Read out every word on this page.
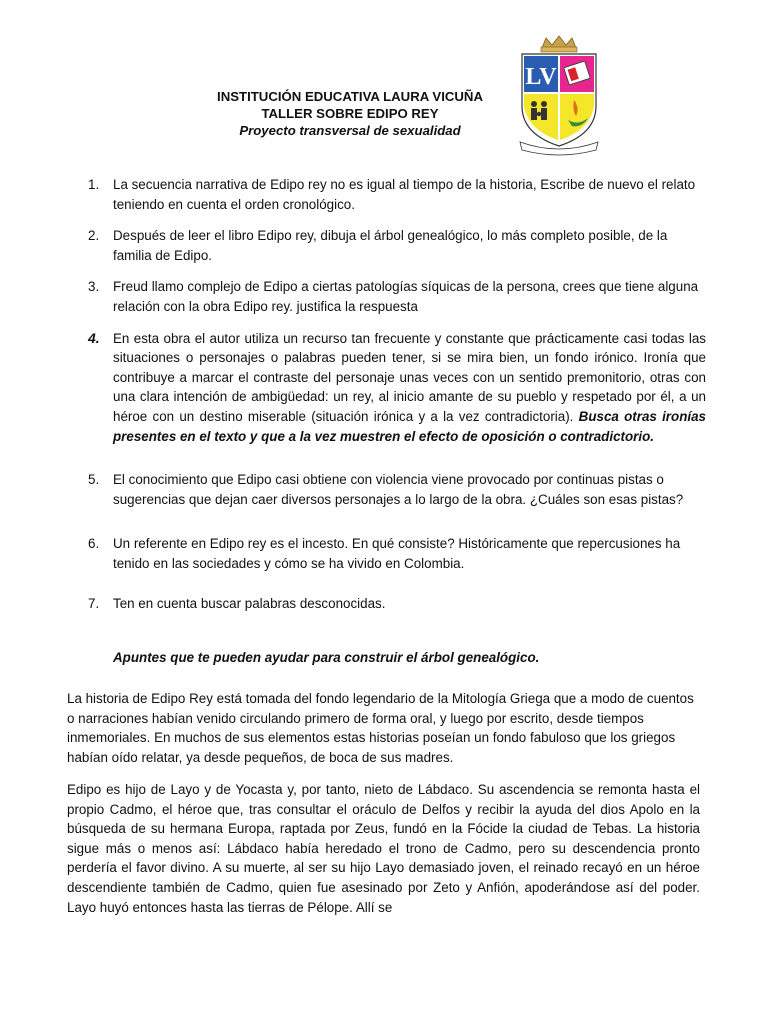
INSTITUCIÓN EDUCATIVA LAURA VICUÑA
TALLER SOBRE EDIPO REY
Proyecto transversal de sexualidad
LV
1. La secuencia narrativa de Edipo rey no es igual al tiempo de la historia, Escribe de nuevo el relato teniendo en cuenta el orden cronológico.
2. Después de leer el libro Edipo rey, dibuja el árbol genealógico, lo más completo posible, de la familia de Edipo.
3. Freud llamo complejo de Edipo a ciertas patologías síquicas de la persona, crees que tiene alguna relación con la obra Edipo rey. justifica la respuesta
4. En esta obra el autor utiliza un recurso tan frecuente y constante que prácticamente casi todas las situaciones o personajes o palabras pueden tener, si se mira bien, un fondo irónico. Ironía que contribuye a marcar el contraste del personaje unas veces con un sentido premonitorio, otras con una clara intención de ambigüedad: un rey, al inicio amante de su pueblo y respetado por él, a un héroe con un destino miserable (situación irónica y a la vez contradictoria). Busca otras ironías presentes en el texto y que a la vez muestren el efecto de oposición o contradictorio.
5. El conocimiento que Edipo casi obtiene con violencia viene provocado por continuas pistas o sugerencias que dejan caer diversos personajes a lo largo de la obra. ¿Cuáles son esas pistas?
6. Un referente en Edipo rey es el incesto. En qué consiste? Históricamente que repercusiones ha tenido en las sociedades y cómo se ha vivido en Colombia.
7. Ten en cuenta buscar palabras desconocidas.
Apuntes que te pueden ayudar para construir el árbol genealógico.

La historia de Edipo Rey está tomada del fondo legendario de la Mitología Griega que a modo de cuentos o narraciones habían venido circulando primero de forma oral, y luego por escrito, desde tiempos inmemoriales. En muchos de sus elementos estas historias poseían un fondo fabuloso que los griegos habían oído relatar, ya desde pequeños, de boca de sus madres.

Edipo es hijo de Layo y de Yocasta y, por tanto, nieto de Lábdaco. Su ascendencia se remonta hasta el propio Cadmo, el héroe que, tras consultar el oráculo de Delfos y recibir la ayuda del dios Apolo en la búsqueda de su hermana Europa, raptada por Zeus, fundó en la Fócide la ciudad de Tebas. La historia sigue más o menos así: Lábdaco había heredado el trono de Cadmo, pero su descendencia pronto perdería el favor divino. A su muerte, al ser su hijo Layo demasiado joven, el reinado recayó en un héroe descendiente también de Cadmo, quien fue asesinado por Zeto y Anfión, apoderándose así del poder. Layo huyó entonces hasta las tierras de Pélope. Allí se
